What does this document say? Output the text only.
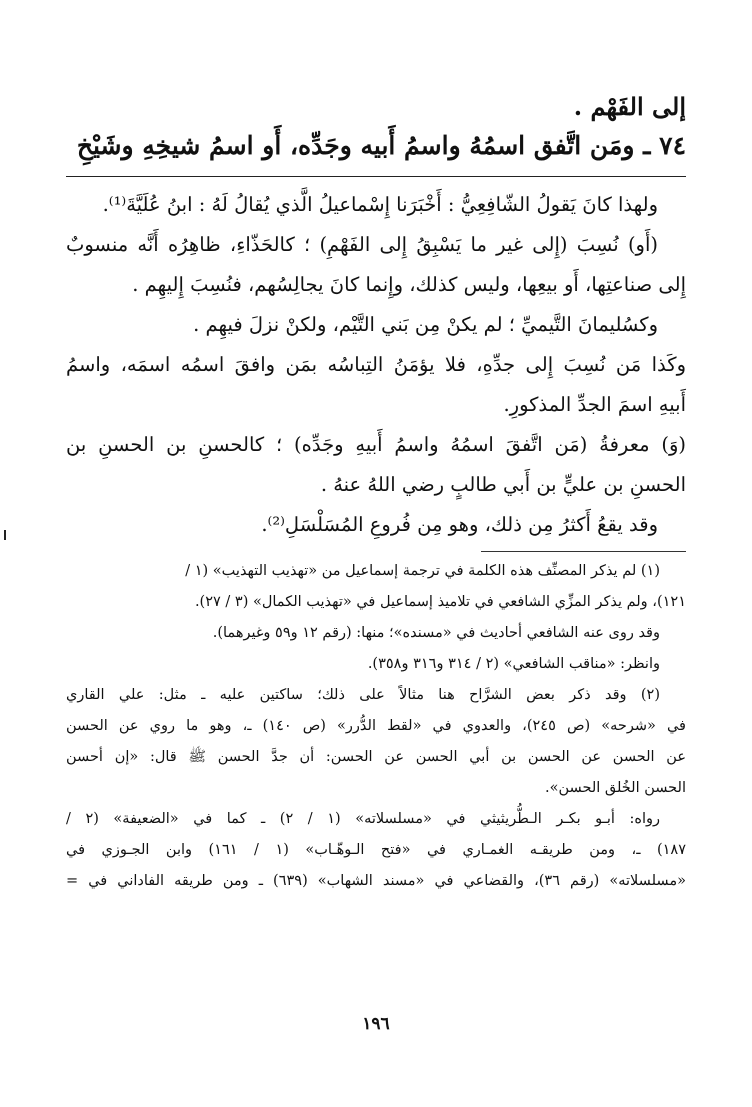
إلى الفَهْم .
٧٤ ـ ومَن اتَّفق اسمُهُ واسمُ أَبيه وجَدِّه، أَو اسمُ شيخِهِ وشَيْخِ
ولهذا كانَ يَقولُ الشّافِعِيُّ : أَخْبَرَنا إِسْماعيلُ الَّذي يُقالُ لَهُ : ابنُ عُلَيَّةَ⁽¹⁾.
(أَو) نُسِبَ (إِلى غير ما يَسْبِقُ إِلى الفَهْمِ) ؛ كالحَذّاءِ، ظاهِرُه أَنَّه منسوبٌ
إِلى صناعتِها، أَو بيعِها، وليس كذلك، وإِنما كانَ يجالِسُهم، فنُسِبَ إِليهِم .
وكسُليمانَ التَّيميِّ ؛ لم يكنْ مِن بَني التَّيْم، ولكنْ نزلَ فيهِم .
وكَذا مَن نُسِبَ إِلى جدِّهِ، فلا يؤمَنُ التِباسُه بمَن وافقَ اسمُه اسمَه، واسمُ
أَبيهِ اسمَ الجدِّ المذكورِ.
(وَ) معرفةُ (مَن اتَّفقَ اسمُهُ واسمُ أَبيهِ وجَدِّه) ؛ كالحسنِ بن الحسنِ بن
الحسنِ بن عليٍّ بن أَبي طالبٍ رضي اللهُ عنهُ .
وقد يقعُ أَكثرُ مِن ذلك، وهو مِن فُروعِ المُسَلْسَلِ⁽²⁾.
(١) لم يذكر المصنِّف هذه الكلمة في ترجمة إسماعيل من «تهذيب التهذيب» (١ /
١٢١)، ولم يذكر المزِّي الشافعي في تلاميذ إسماعيل في «تهذيب الكمال» (٣ / ٢٧).
وقد روى عنه الشافعي أحاديث في «مسنده»؛ منها: (رقم ١٢ و٥٩ وغيرهما).
وانظر: «مناقب الشافعي» (٢ / ٣١٤ و٣١٦ و٣٥٨).
(٢) وقد ذكر بعض الشرَّاح هنا مثالاً على ذلك؛ ساكتين عليه ـ مثل: علي القاري
في «شرحه» (ص ٢٤٥)، والعدوي في «لقط الدُّرر» (ص ١٤٠) ـ، وهو ما روي عن الحسن
عن الحسن عن الحسن بن أبي الحسن عن الحسن: أن جدَّ الحسن ﷺ قال: «إن أحسن
الحسن الخُلق الحسن».
رواه: أبـو بكـر الـطُّريثيثي في «مسلسلاته» (١ / ٢) ـ كما في «الضعيفة» (٢ /
١٨٧) ـ، ومن طريقـه الغمـاري في «فتح الـوهّـاب» (١ / ١٦١) وابن الجـوزي في
«مسلسلاته» (رقم ٣٦)، والقضاعي في «مسند الشهاب» (٦٣٩) ـ ومن طريقه الفاداني في =
١٩٦
